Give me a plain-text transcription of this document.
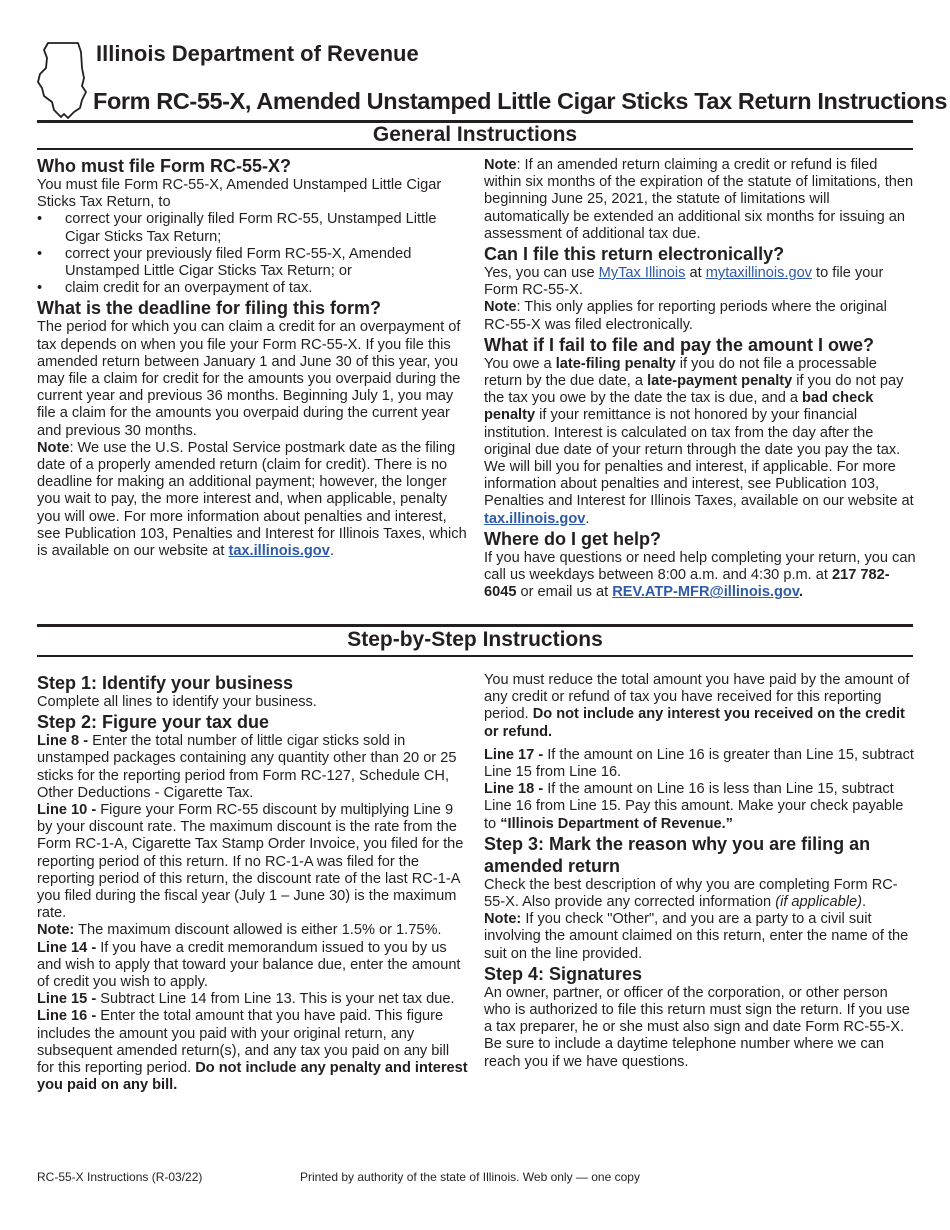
Illinois Department of Revenue
Form RC-55-X, Amended Unstamped Little Cigar Sticks Tax Return Instructions
General Instructions
Who must file Form RC-55-X?

You must file Form RC-55-X, Amended Unstamped Little Cigar Sticks Tax Return, to

• correct your originally filed Form RC-55, Unstamped Little Cigar Sticks Tax Return;
• correct your previously filed Form RC-55-X, Amended Unstamped Little Cigar Sticks Tax Return; or
• claim credit for an overpayment of tax.
What is the deadline for filing this form?

The period for which you can claim a credit for an overpayment of tax depends on when you file your Form RC-55-X. If you file this amended return between January 1 and June 30 of this year, you may file a claim for credit for the amounts you overpaid during the current year and previous 36 months. Beginning July 1, you may file a claim for the amounts you overpaid during the current year and previous 30 months.

Note: We use the U.S. Postal Service postmark date as the filing date of a properly amended return (claim for credit). There is no deadline for making an additional payment; however, the longer you wait to pay, the more interest and, when applicable, penalty you will owe. For more information about penalties and interest, see Publication 103, Penalties and Interest for Illinois Taxes, which is available on our website at tax.illinois.gov.

Note: If an amended return claiming a credit or refund is filed within six months of the expiration of the statute of limitations, then beginning June 25, 2021, the statute of limitations will automatically be extended an additional six months for issuing an assessment of additional tax due.

Can I file this return electronically?

Yes, you can use MyTax Illinois at mytaxillinois.gov to file your Form RC-55-X.

Note: This only applies for reporting periods where the original RC-55-X was filed electronically.

What if I fail to file and pay the amount I owe?

You owe a late-filing penalty if you do not file a processable return by the due date, a late-payment penalty if you do not pay the tax you owe by the date the tax is due, and a bad check penalty if your remittance is not honored by your financial institution. Interest is calculated on tax from the day after the original due date of your return through the date you pay the tax. We will bill you for penalties and interest, if applicable. For more information about penalties and interest, see Publication 103, Penalties and Interest for Illinois Taxes, available on our website at tax.illinois.gov.

Where do I get help?

If you have questions or need help completing your return, you can call us weekdays between 8:00 a.m. and 4:30 p.m. at 217 782-6045 or email us at REV.ATP-MFR@illinois.gov.

Step-by-Step Instructions
Step 1: Identify your business

Complete all lines to identify your business.

Step 2: Figure your tax due

Line 8 - Enter the total number of little cigar sticks sold in unstamped packages containing any quantity other than 20 or 25 sticks for the reporting period from Form RC-127, Schedule CH, Other Deductions - Cigarette Tax.

Line 10 - Figure your Form RC-55 discount by multiplying Line 9 by your discount rate. The maximum discount is the rate from the Form RC-1-A, Cigarette Tax Stamp Order Invoice, you filed for the reporting period of this return. If no RC-1-A was filed for the reporting period of this return, the discount rate of the last RC-1-A you filed during the fiscal year (July 1 – June 30) is the maximum rate.

Note: The maximum discount allowed is either 1.5% or 1.75%.

Line 14 - If you have a credit memorandum issued to you by us and wish to apply that toward your balance due, enter the amount of credit you wish to apply.

Line 15 - Subtract Line 14 from Line 13. This is your net tax due.

Line 16 - Enter the total amount that you have paid. This figure includes the amount you paid with your original return, any subsequent amended return(s), and any tax you paid on any bill for this reporting period. Do not include any penalty and interest you paid on any bill.

You must reduce the total amount you have paid by the amount of any credit or refund of tax you have received for this reporting period. Do not include any interest you received on the credit or refund.

Line 17 - If the amount on Line 16 is greater than Line 15, subtract Line 15 from Line 16.

Line 18 - If the amount on Line 16 is less than Line 15, subtract Line 16 from Line 15. Pay this amount. Make your check payable to “Illinois Department of Revenue.”

Step 3: Mark the reason why you are filing an amended return

Check the best description of why you are completing Form RC-55-X. Also provide any corrected information (if applicable).

Note: If you check "Other", and you are a party to a civil suit involving the amount claimed on this return, enter the name of the suit on the line provided.

Step 4: Signatures

An owner, partner, or officer of the corporation, or other person who is authorized to file this return must sign the return. If you use a tax preparer, he or she must also sign and date Form RC-55-X. Be sure to include a daytime telephone number where we can reach you if we have questions.

RC-55-X Instructions (R-03/22)	Printed by authority of the state of Illinois. Web only — one copy
